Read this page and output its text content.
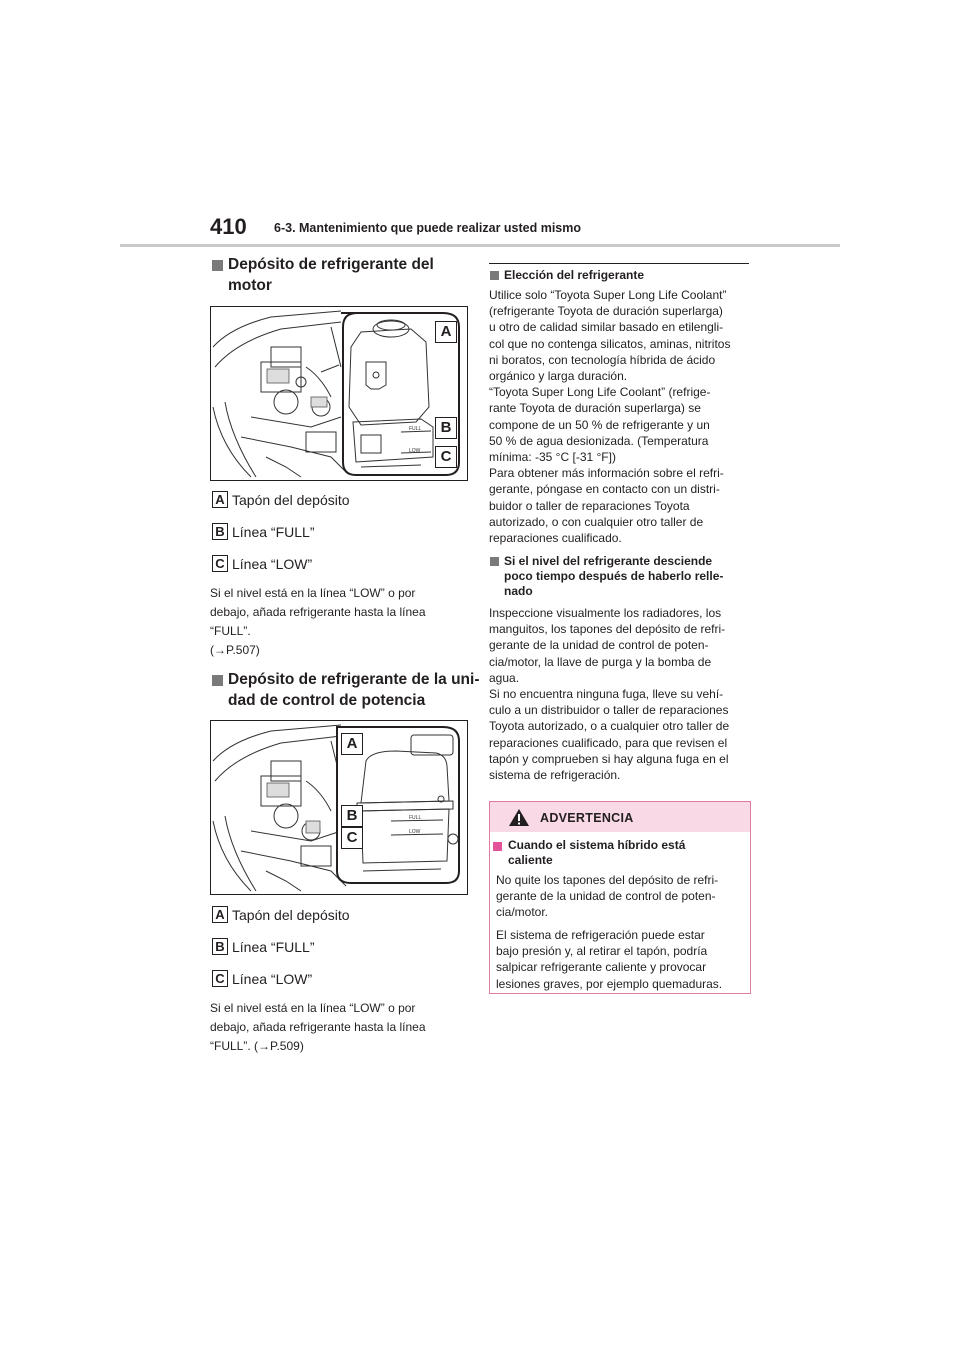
410 6-3. Mantenimiento que puede realizar usted mismo
Depósito de refrigerante del
motor
FULL
LOW
A
B
C
A Tapón del depósito
B Línea “FULL”
C Línea “LOW”
Si el nivel está en la línea “LOW” o por
debajo, añada refrigerante hasta la línea
“FULL”.
(→P.507)
Depósito de refrigerante de la uni-
dad de control de potencia
FULL
LOW
A
B
C
A Tapón del depósito
B Línea “FULL”
C Línea “LOW”
Si el nivel está en la línea “LOW” o por
debajo, añada refrigerante hasta la línea
“FULL”. (→P.509)
Elección del refrigerante
Utilice solo “Toyota Super Long Life Coolant”
(refrigerante Toyota de duración superlarga)
u otro de calidad similar basado en etilengli-
col que no contenga silicatos, aminas, nitritos
ni boratos, con tecnología híbrida de ácido
orgánico y larga duración.
“Toyota Super Long Life Coolant” (refrige-
rante Toyota de duración superlarga) se
compone de un 50 % de refrigerante y un
50 % de agua desionizada. (Temperatura
mínima: -35 °C [-31 °F])
Para obtener más información sobre el refri-
gerante, póngase en contacto con un distri-
buidor o taller de reparaciones Toyota
autorizado, o con cualquier otro taller de
reparaciones cualificado.
Si el nivel del refrigerante desciende
poco tiempo después de haberlo relle-
nado
Inspeccione visualmente los radiadores, los
manguitos, los tapones del depósito de refri-
gerante de la unidad de control de poten-
cia/motor, la llave de purga y la bomba de
agua.
Si no encuentra ninguna fuga, lleve su vehí-
culo a un distribuidor o taller de reparaciones
Toyota autorizado, o a cualquier otro taller de
reparaciones cualificado, para que revisen el
tapón y comprueben si hay alguna fuga en el
sistema de refrigeración.
ADVERTENCIA
Cuando el sistema híbrido está
caliente
No quite los tapones del depósito de refri-
gerante de la unidad de control de poten-
cia/motor.
El sistema de refrigeración puede estar
bajo presión y, al retirar el tapón, podría
salpicar refrigerante caliente y provocar
lesiones graves, por ejemplo quemaduras.
